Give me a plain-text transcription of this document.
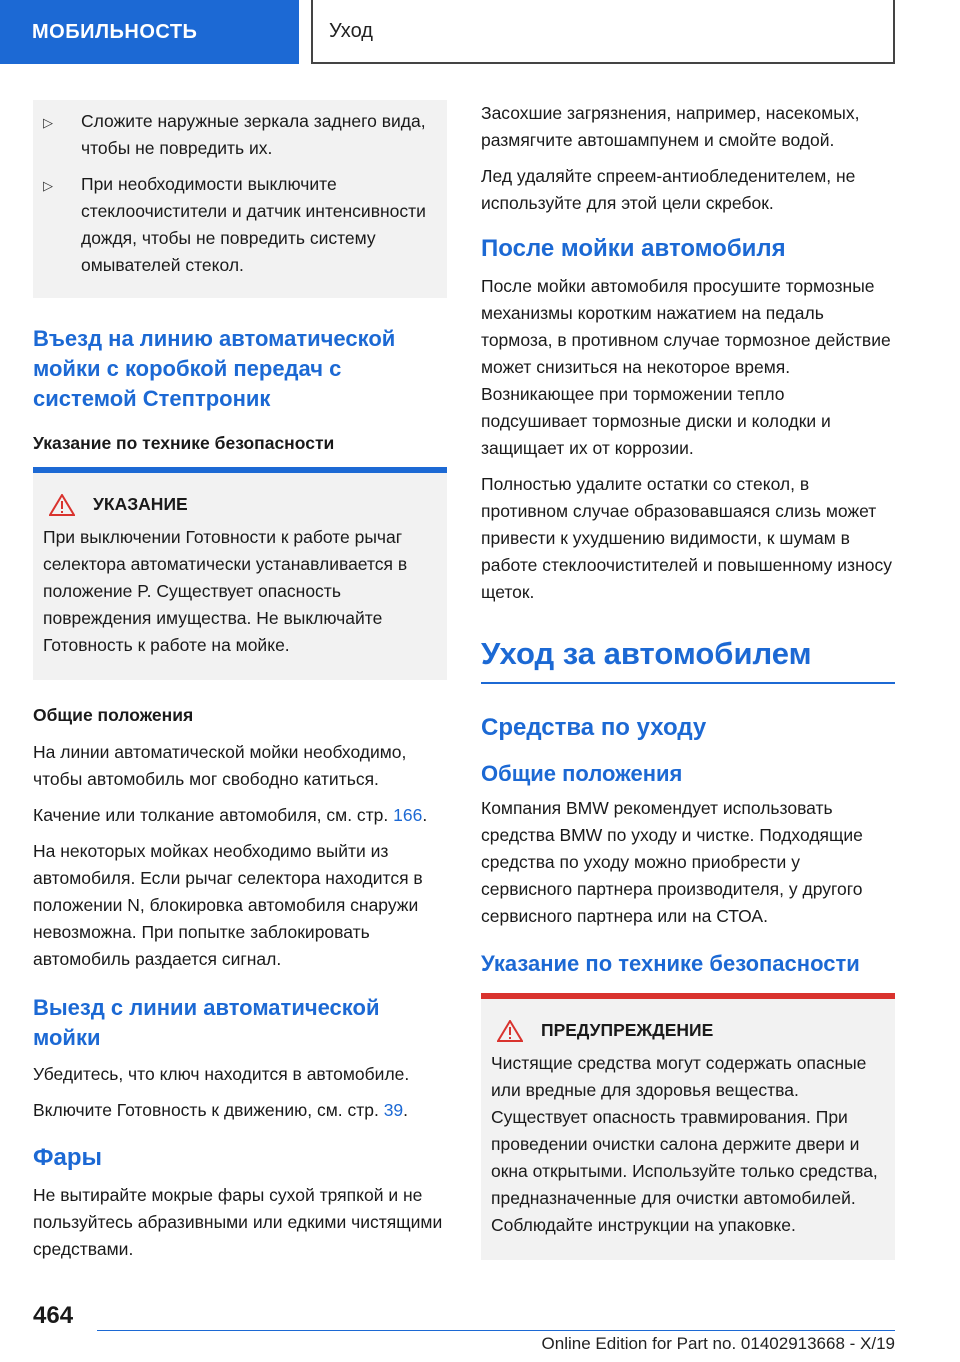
МОБИЛЬНОСТЬ	Уход
▷	Сложите наружные зеркала заднего вида, чтобы не повредить их.
▷	При необходимости выключите стеклоочистители и датчик интенсивности дождя, чтобы не повредить систему омывателей стекол.
Въезд на линию автоматической мойки с коробкой передач с системой Стептроник
Указание по технике безопасности
УКАЗАНИЕ

При выключении Готовности к работе рычаг селектора автоматически устанавливается в положение P. Существует опасность повреждения имущества. Не выключайте Готовность к работе на мойке.

Общие положения

На линии автоматической мойки необходимо, чтобы автомобиль мог свободно катиться.

Качение или толкание автомобиля, см. стр. 166.

На некоторых мойках необходимо выйти из автомобиля. Если рычаг селектора находится в положении N, блокировка автомобиля снаружи невозможна. При попытке заблокировать автомобиль раздается сигнал.

Выезд с линии автоматической мойки

Убедитесь, что ключ находится в автомобиле.

Включите Готовность к движению, см. стр. 39.

Фары

Не вытирайте мокрые фары сухой тряпкой и не пользуйтесь абразивными или едкими чистящими средствами.

Засохшие загрязнения, например, насекомых, размягчите автошампунем и смойте водой.

Лед удаляйте спреем-антиобледенителем, не используйте для этой цели скребок.

После мойки автомобиля

После мойки автомобиля просушите тормозные механизмы коротким нажатием на педаль тормоза, в противном случае тормозное действие может снизиться на некоторое время. Возникающее при торможении тепло подсушивает тормозные диски и колодки и защищает их от коррозии.

Полностью удалите остатки со стекол, в противном случае образовавшаяся слизь может привести к ухудшению видимости, к шумам в работе стеклоочистителей и повышенному износу щеток.

Уход за автомобилем
Средства по уходу
Общие положения

Компания BMW рекомендует использовать средства BMW по уходу и чистке. Подходящие средства по уходу можно приобрести у сервисного партнера производителя, у другого сервисного партнера или на СТОА.

Указание по технике безопасности
ПРЕДУПРЕЖДЕНИЕ

Чистящие средства могут содержать опасные или вредные для здоровья вещества. Существует опасность травмирования. При проведении очистки салона держите двери и окна открытыми. Используйте только средства, предназначенные для очистки автомобилей. Соблюдайте инструкции на упаковке.

464
Online Edition for Part no. 01402913668 - X/19
